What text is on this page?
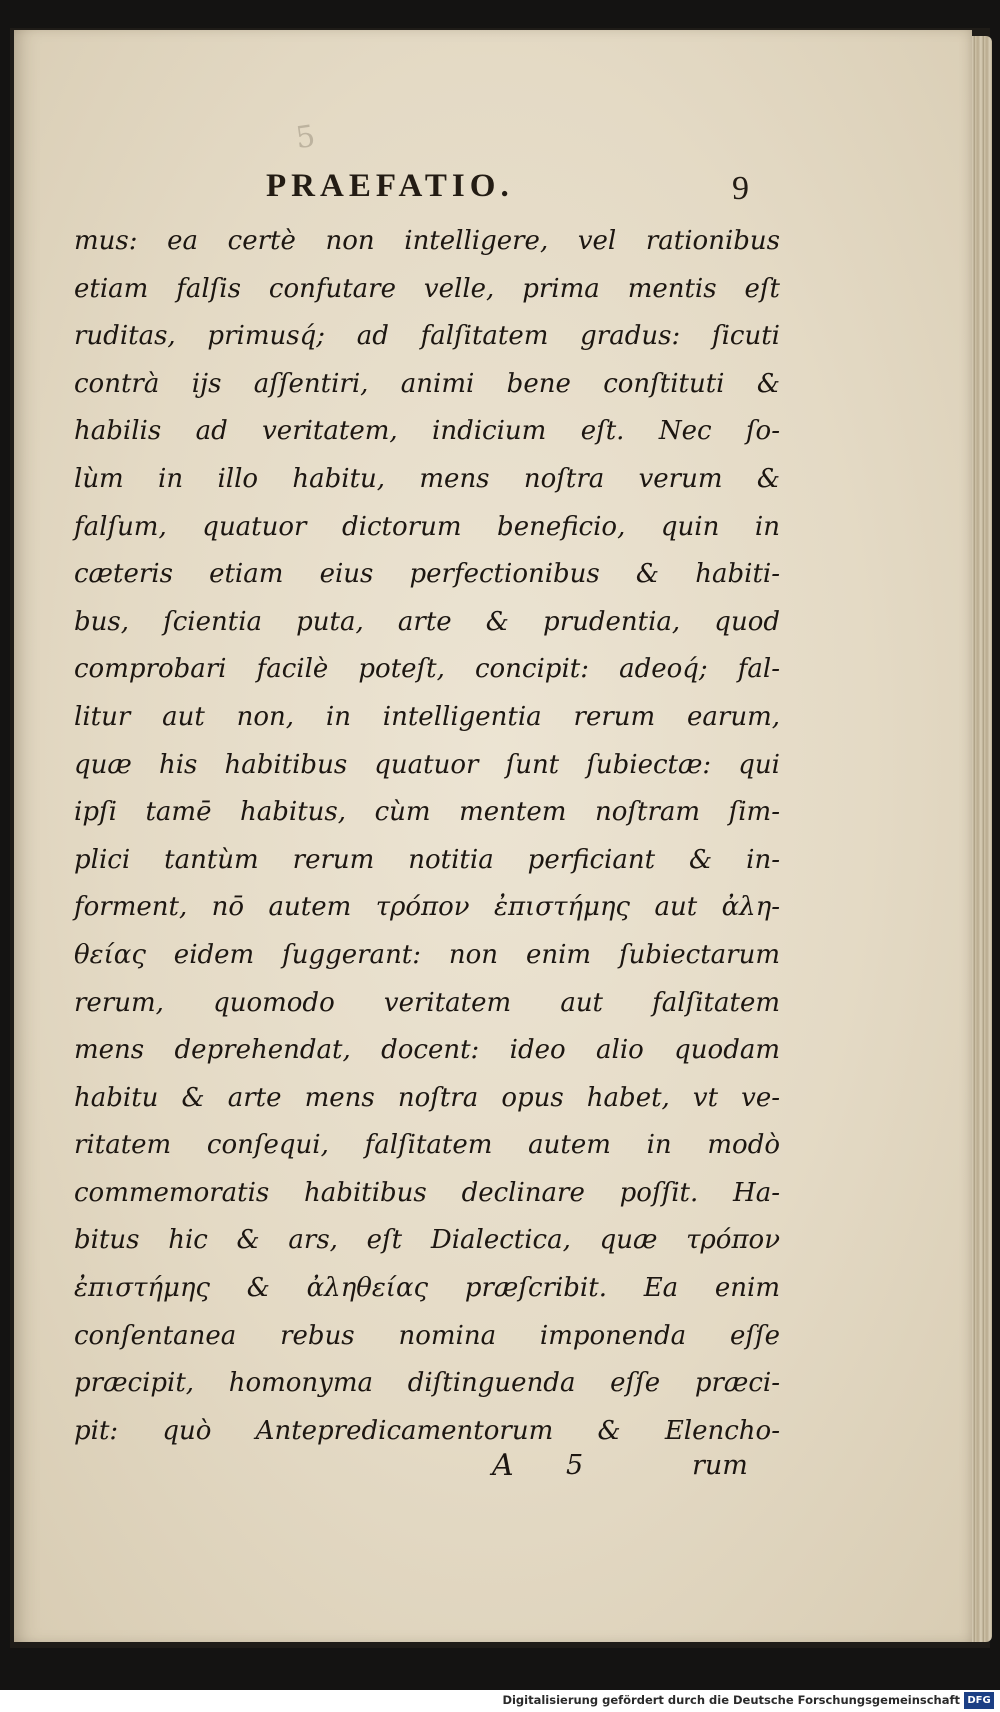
5
PRAEFATIO.	9
mus: ea certè non intelligere, vel rationibus
etiam falſis confutare velle, prima mentis eſt
ruditas, primusq́; ad falſitatem gradus: ſicuti
contrà ijs aſſentiri, animi bene conſtituti &
habilis ad veritatem, indicium eſt. Nec ſo-
lùm in illo habitu, mens noſtra verum &
falſum, quatuor dictorum beneficio, quin in
cæteris etiam eius perfectionibus & habiti-
bus, ſcientia puta, arte & prudentia, quod
comprobari facilè poteſt, concipit: adeoq́; fal-
litur aut non, in intelligentia rerum earum,
quæ his habitibus quatuor ſunt ſubiectæ: qui
ipſi tamē habitus, cùm mentem noſtram ſim-
plici tantùm rerum notitia perficiant & in-
forment, nō autem τρόπον ἐπιστήμης aut ἀλη-
θείας eidem ſuggerant: non enim ſubiectarum
rerum, quomodo veritatem aut falſitatem
mens deprehendat, docent: ideo alio quodam
habitu & arte mens noſtra opus habet, vt ve-
ritatem conſequi, falſitatem autem in modò
commemoratis habitibus declinare poſſit. Ha-
bitus hic & ars, eſt Dialectica, quæ τρόπον
ἐπιστήμης & ἀληθείας præſcribit. Ea enim
conſentanea rebus nomina imponenda eſſe
præcipit, homonyma diſtinguenda eſſe præci-
pit: quò Antepredicamentorum & Elencho-
A 5	rum
Digitalisierung gefördert durch die Deutsche Forschungsgemeinschaft DFG
